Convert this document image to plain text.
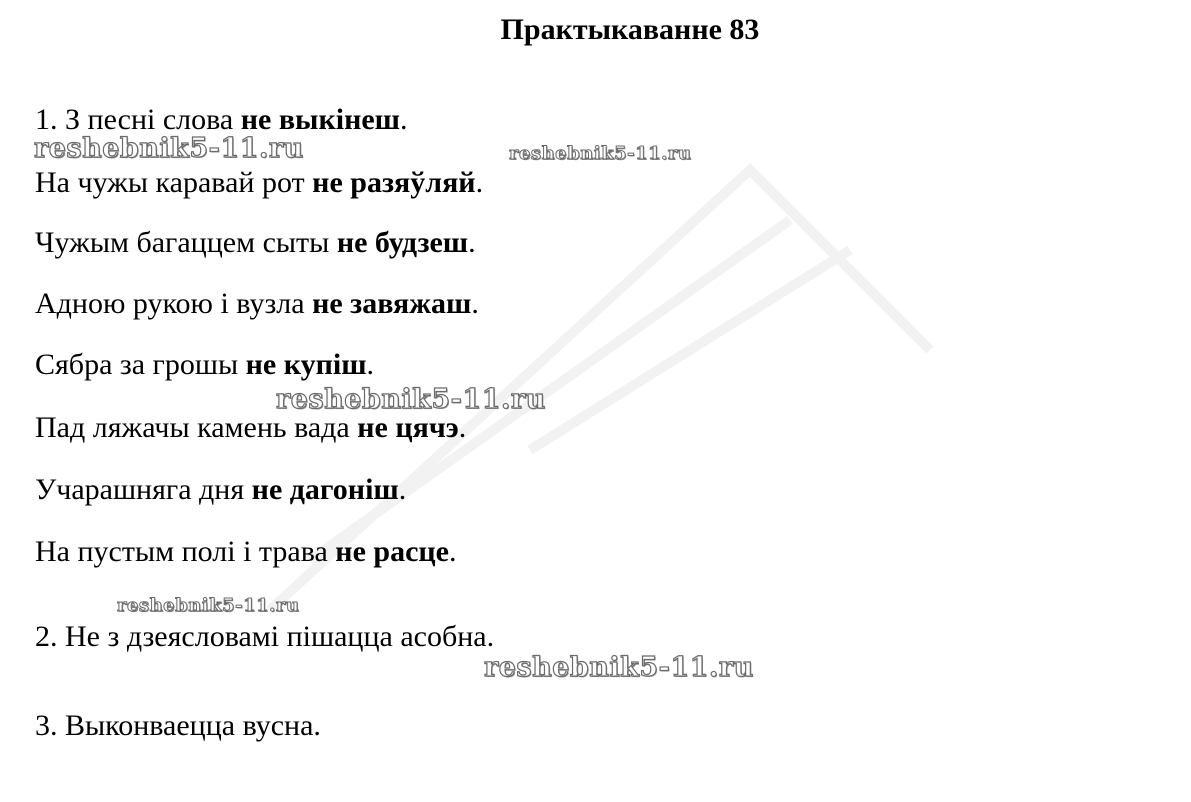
Практыкаванне 83
1. З песні слова не выкінеш.
На чужы каравай рот не разяўляй.
Чужым багаццем сыты не будзеш.
Адною рукою і вузла не завяжаш.
Сябра за грошы не купіш.
Пад ляжачы камень вада не цячэ.
Учарашняга дня не дагоніш.
На пустым полі і трава не расце.
2. Не з дзеясловамі пішацца асобна.
3. Выконваецца вусна.
reshebnik5-11.ru	reshebnik5-11.ru
reshebnik5-11.ru
reshebnik5-11.ru
reshebnik5-11.ru
